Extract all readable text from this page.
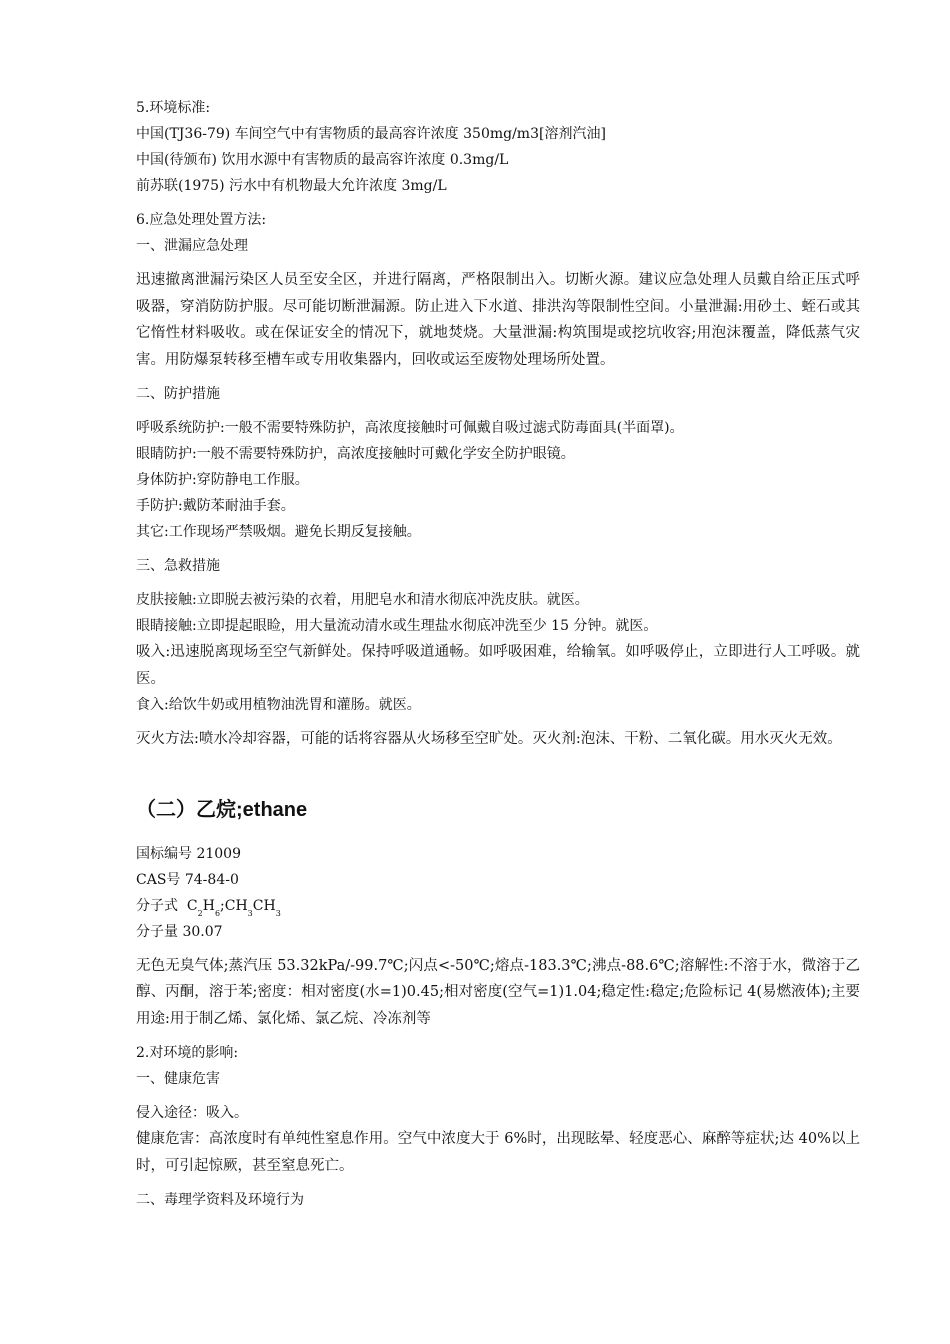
5.环境标准:

中国(TJ36-79) 车间空气中有害物质的最高容许浓度 350mg/m3[溶剂汽油]

中国(待颁布) 饮用水源中有害物质的最高容许浓度 0.3mg/L

前苏联(1975) 污水中有机物最大允许浓度 3mg/L

6.应急处理处置方法:

一、泄漏应急处理

迅速撤离泄漏污染区人员至安全区，并进行隔离，严格限制出入。切断火源。建议应急处理人员戴自给正压式呼吸器，穿消防防护服。尽可能切断泄漏源。防止进入下水道、排洪沟等限制性空间。小量泄漏:用砂土、蛭石或其它惰性材料吸收。或在保证安全的情况下，就地焚烧。大量泄漏:构筑围堤或挖坑收容;用泡沫覆盖，降低蒸气灾害。用防爆泵转移至槽车或专用收集器内，回收或运至废物处理场所处置。

二、防护措施

呼吸系统防护:一般不需要特殊防护，高浓度接触时可佩戴自吸过滤式防毒面具(半面罩)。

眼睛防护:一般不需要特殊防护，高浓度接触时可戴化学安全防护眼镜。

身体防护:穿防静电工作服。

手防护:戴防苯耐油手套。

其它:工作现场严禁吸烟。避免长期反复接触。

三、急救措施

皮肤接触:立即脱去被污染的衣着，用肥皂水和清水彻底冲洗皮肤。就医。

眼睛接触:立即提起眼睑，用大量流动清水或生理盐水彻底冲洗至少 15 分钟。就医。

吸入:迅速脱离现场至空气新鲜处。保持呼吸道通畅。如呼吸困难，给输氧。如呼吸停止，立即进行人工呼吸。就医。

食入:给饮牛奶或用植物油洗胃和灌肠。就医。

灭火方法:喷水冷却容器，可能的话将容器从火场移至空旷处。灭火剂:泡沫、干粉、二氧化碳。用水灭火无效。

（二）乙烷;ethane

国标编号 21009

CAS号 74-84-0

分子式 $C_2H_6;CH_3CH_3$

分子量 30.07

无色无臭气体;蒸汽压 53.32kPa/-99.7℃;闪点<-50℃;熔点-183.3℃;沸点-88.6℃;溶解性:不溶于水，微溶于乙醇、丙酮，溶于苯;密度：相对密度(水=1)0.45;相对密度(空气=1)1.04;稳定性:稳定;危险标记 4(易燃液体);主要用途:用于制乙烯、氯化烯、氯乙烷、冷冻剂等

2.对环境的影响:

一、健康危害

侵入途径：吸入。

健康危害：高浓度时有单纯性窒息作用。空气中浓度大于 6%时，出现眩晕、轻度恶心、麻醉等症状;达 40%以上时，可引起惊厥，甚至窒息死亡。

二、毒理学资料及环境行为
